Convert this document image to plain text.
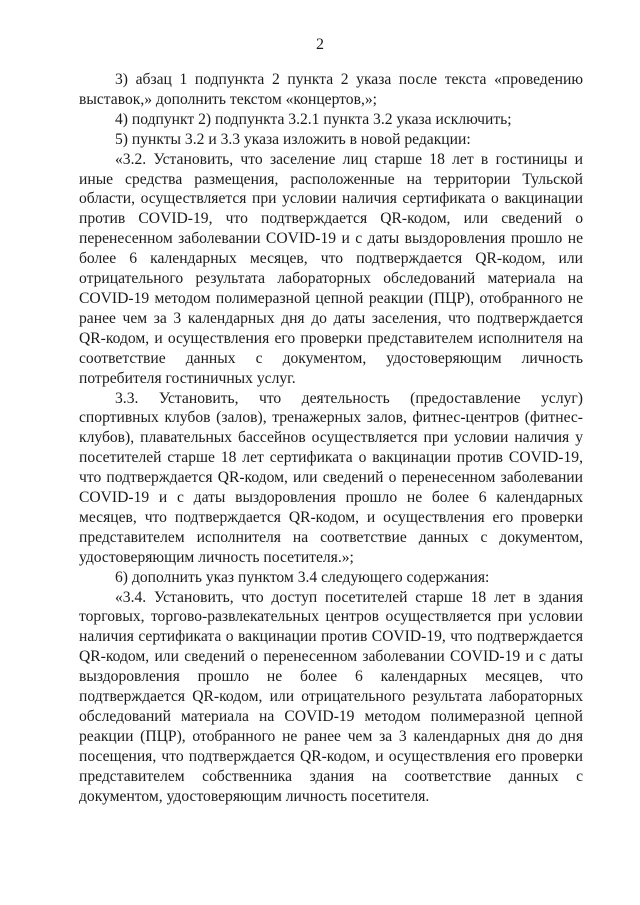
2

3) абзац 1 подпункта 2 пункта 2 указа после текста «проведению выставок,» дополнить текстом «концертов,»;

4) подпункт 2) подпункта 3.2.1 пункта 3.2 указа исключить;

5) пункты 3.2 и 3.3 указа изложить в новой редакции:

«3.2. Установить, что заселение лиц старше 18 лет в гостиницы и иные средства размещения, расположенные на территории Тульской области, осуществляется при условии наличия сертификата о вакцинации против COVID-19, что подтверждается QR-кодом, или сведений о перенесенном заболевании COVID-19 и с даты выздоровления прошло не более 6 календарных месяцев, что подтверждается QR-кодом, или отрицательного результата лабораторных обследований материала на COVID-19 методом полимеразной цепной реакции (ПЦР), отобранного не ранее чем за 3 календарных дня до даты заселения, что подтверждается QR-кодом, и осуществления его проверки представителем исполнителя на соответствие данных с документом, удостоверяющим личность потребителя гостиничных услуг.

3.3. Установить, что деятельность (предоставление услуг) спортивных клубов (залов), тренажерных залов, фитнес-центров (фитнес-клубов), плавательных бассейнов осуществляется при условии наличия у посетителей старше 18 лет сертификата о вакцинации против COVID-19, что подтверждается QR-кодом, или сведений о перенесенном заболевании COVID-19 и с даты выздоровления прошло не более 6 календарных месяцев, что подтверждается QR-кодом, и осуществления его проверки представителем исполнителя на соответствие данных с документом, удостоверяющим личность посетителя.»;

6) дополнить указ пунктом 3.4 следующего содержания:

«3.4. Установить, что доступ посетителей старше 18 лет в здания торговых, торгово-развлекательных центров осуществляется при условии наличия сертификата о вакцинации против COVID-19, что подтверждается QR-кодом, или сведений о перенесенном заболевании COVID-19 и с даты выздоровления прошло не более 6 календарных месяцев, что подтверждается QR-кодом, или отрицательного результата лабораторных обследований материала на COVID-19 методом полимеразной цепной реакции (ПЦР), отобранного не ранее чем за 3 календарных дня до дня посещения, что подтверждается QR-кодом, и осуществления его проверки представителем собственника здания на соответствие данных с документом, удостоверяющим личность посетителя.
